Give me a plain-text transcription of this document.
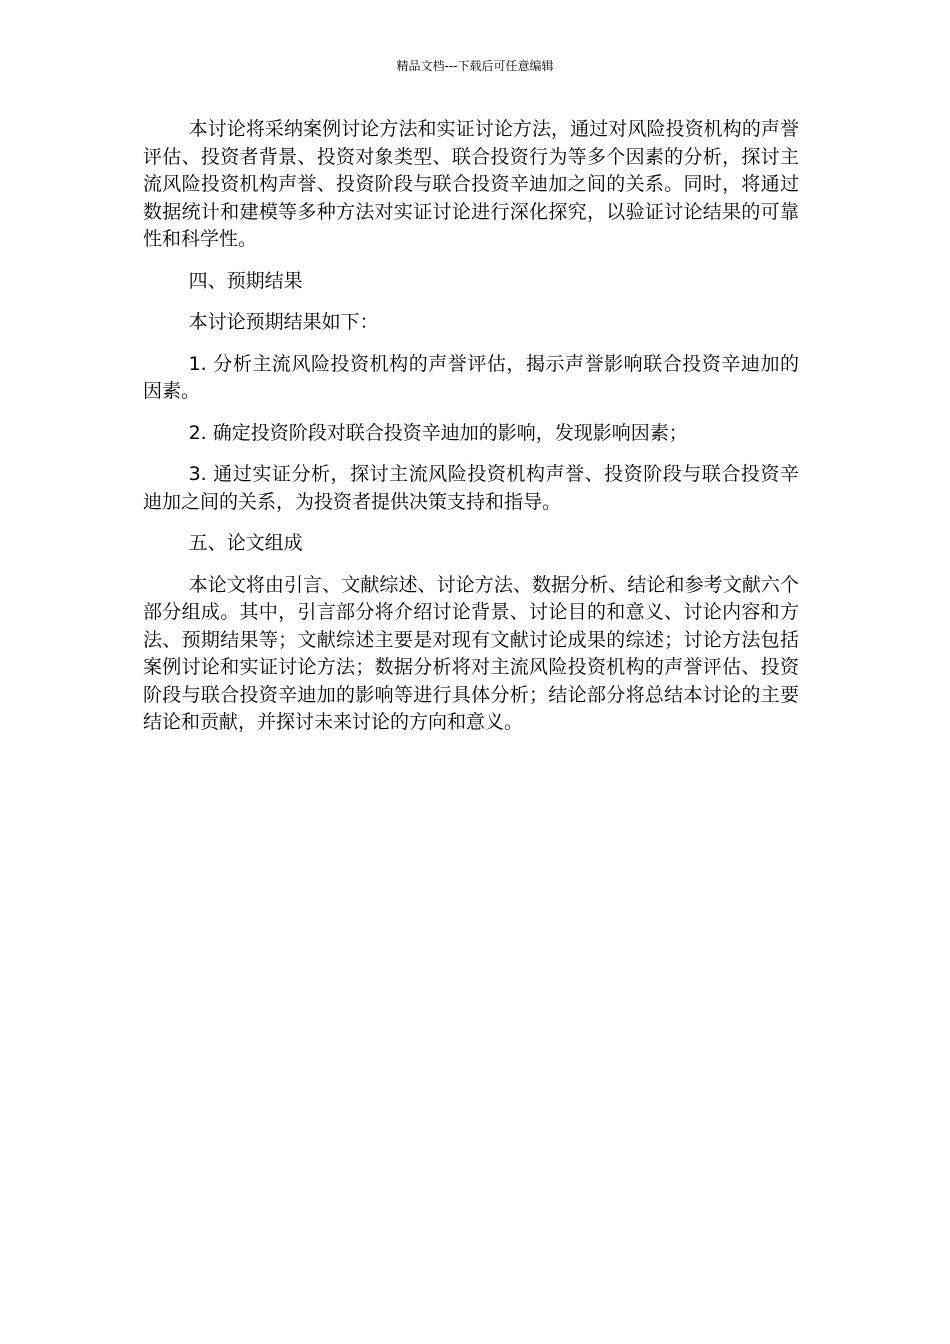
精品文档---下载后可任意编辑

本讨论将采纳案例讨论方法和实证讨论方法，通过对风险投资机构的声誉评估、投资者背景、投资对象类型、联合投资行为等多个因素的分析，探讨主流风险投资机构声誉、投资阶段与联合投资辛迪加之间的关系。同时，将通过数据统计和建模等多种方法对实证讨论进行深化探究，以验证讨论结果的可靠性和科学性。

四、预期结果

本讨论预期结果如下：

1. 分析主流风险投资机构的声誉评估，揭示声誉影响联合投资辛迪加的因素。

2. 确定投资阶段对联合投资辛迪加的影响，发现影响因素；

3. 通过实证分析，探讨主流风险投资机构声誉、投资阶段与联合投资辛迪加之间的关系，为投资者提供决策支持和指导。

五、论文组成

本论文将由引言、文献综述、讨论方法、数据分析、结论和参考文献六个部分组成。其中，引言部分将介绍讨论背景、讨论目的和意义、讨论内容和方法、预期结果等；文献综述主要是对现有文献讨论成果的综述；讨论方法包括案例讨论和实证讨论方法；数据分析将对主流风险投资机构的声誉评估、投资阶段与联合投资辛迪加的影响等进行具体分析；结论部分将总结本讨论的主要结论和贡献，并探讨未来讨论的方向和意义。
